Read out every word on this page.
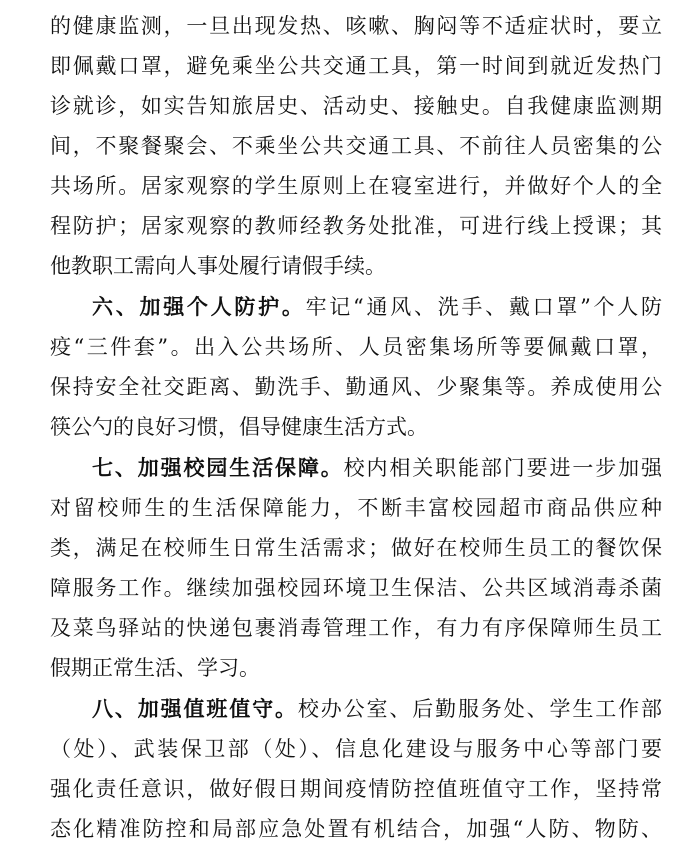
的健康监测，一旦出现发热、咳嗽、胸闷等不适症状时，要立
即佩戴口罩，避免乘坐公共交通工具，第一时间到就近发热门
诊就诊，如实告知旅居史、活动史、接触史。自我健康监测期
间，不聚餐聚会、不乘坐公共交通工具、不前往人员密集的公
共场所。居家观察的学生原则上在寝室进行，并做好个人的全
程防护；居家观察的教师经教务处批准，可进行线上授课；其
他教职工需向人事处履行请假手续。
六、加强个人防护。牢记“通风、洗手、戴口罩”个人防
疫“三件套”。出入公共场所、人员密集场所等要佩戴口罩，
保持安全社交距离、勤洗手、勤通风、少聚集等。养成使用公
筷公勺的良好习惯，倡导健康生活方式。
七、加强校园生活保障。校内相关职能部门要进一步加强
对留校师生的生活保障能力，不断丰富校园超市商品供应种
类，满足在校师生日常生活需求；做好在校师生员工的餐饮保
障服务工作。继续加强校园环境卫生保洁、公共区域消毒杀菌
及菜鸟驿站的快递包裹消毒管理工作，有力有序保障师生员工
假期正常生活、学习。
八、加强值班值守。校办公室、后勤服务处、学生工作部
（处）、武装保卫部（处）、信息化建设与服务中心等部门要
强化责任意识，做好假日期间疫情防控值班值守工作，坚持常
态化精准防控和局部应急处置有机结合，加强“人防、物防、
